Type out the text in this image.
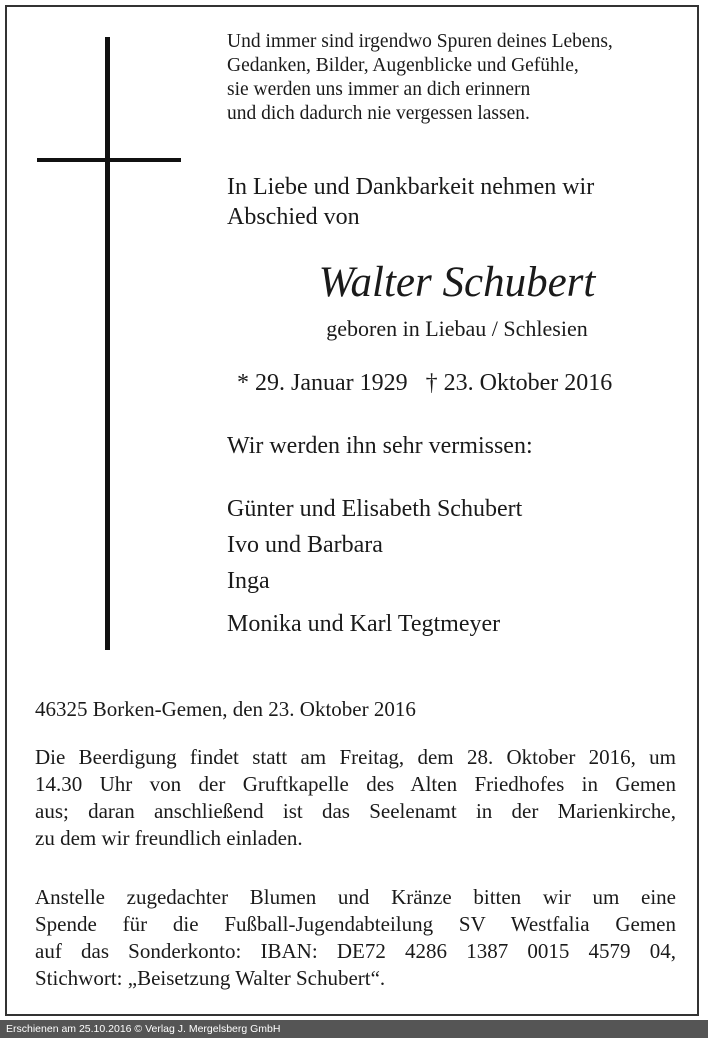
Und immer sind irgendwo Spuren deines Lebens,
Gedanken, Bilder, Augenblicke und Gefühle,
sie werden uns immer an dich erinnern
und dich dadurch nie vergessen lassen.
In Liebe und Dankbarkeit nehmen wir
Abschied von
Walter Schubert
geboren in Liebau / Schlesien
* 29. Januar 1929 † 23. Oktober 2016
Wir werden ihn sehr vermissen:
Günter und Elisabeth Schubert
Ivo und Barbara
Inga
Monika und Karl Tegtmeyer
46325 Borken-Gemen, den 23. Oktober 2016
Die Beerdigung findet statt am Freitag, dem 28. Oktober 2016, um
14.30 Uhr von der Gruftkapelle des Alten Friedhofes in Gemen
aus; daran anschließend ist das Seelenamt in der Marienkirche,
zu dem wir freundlich einladen.
Anstelle zugedachter Blumen und Kränze bitten wir um eine
Spende für die Fußball-Jugendabteilung SV Westfalia Gemen
auf das Sonderkonto: IBAN: DE72 4286 1387 0015 4579 04,
Stichwort: „Beisetzung Walter Schubert“.
Erschienen am 25.10.2016 © Verlag J. Mergelsberg GmbH
